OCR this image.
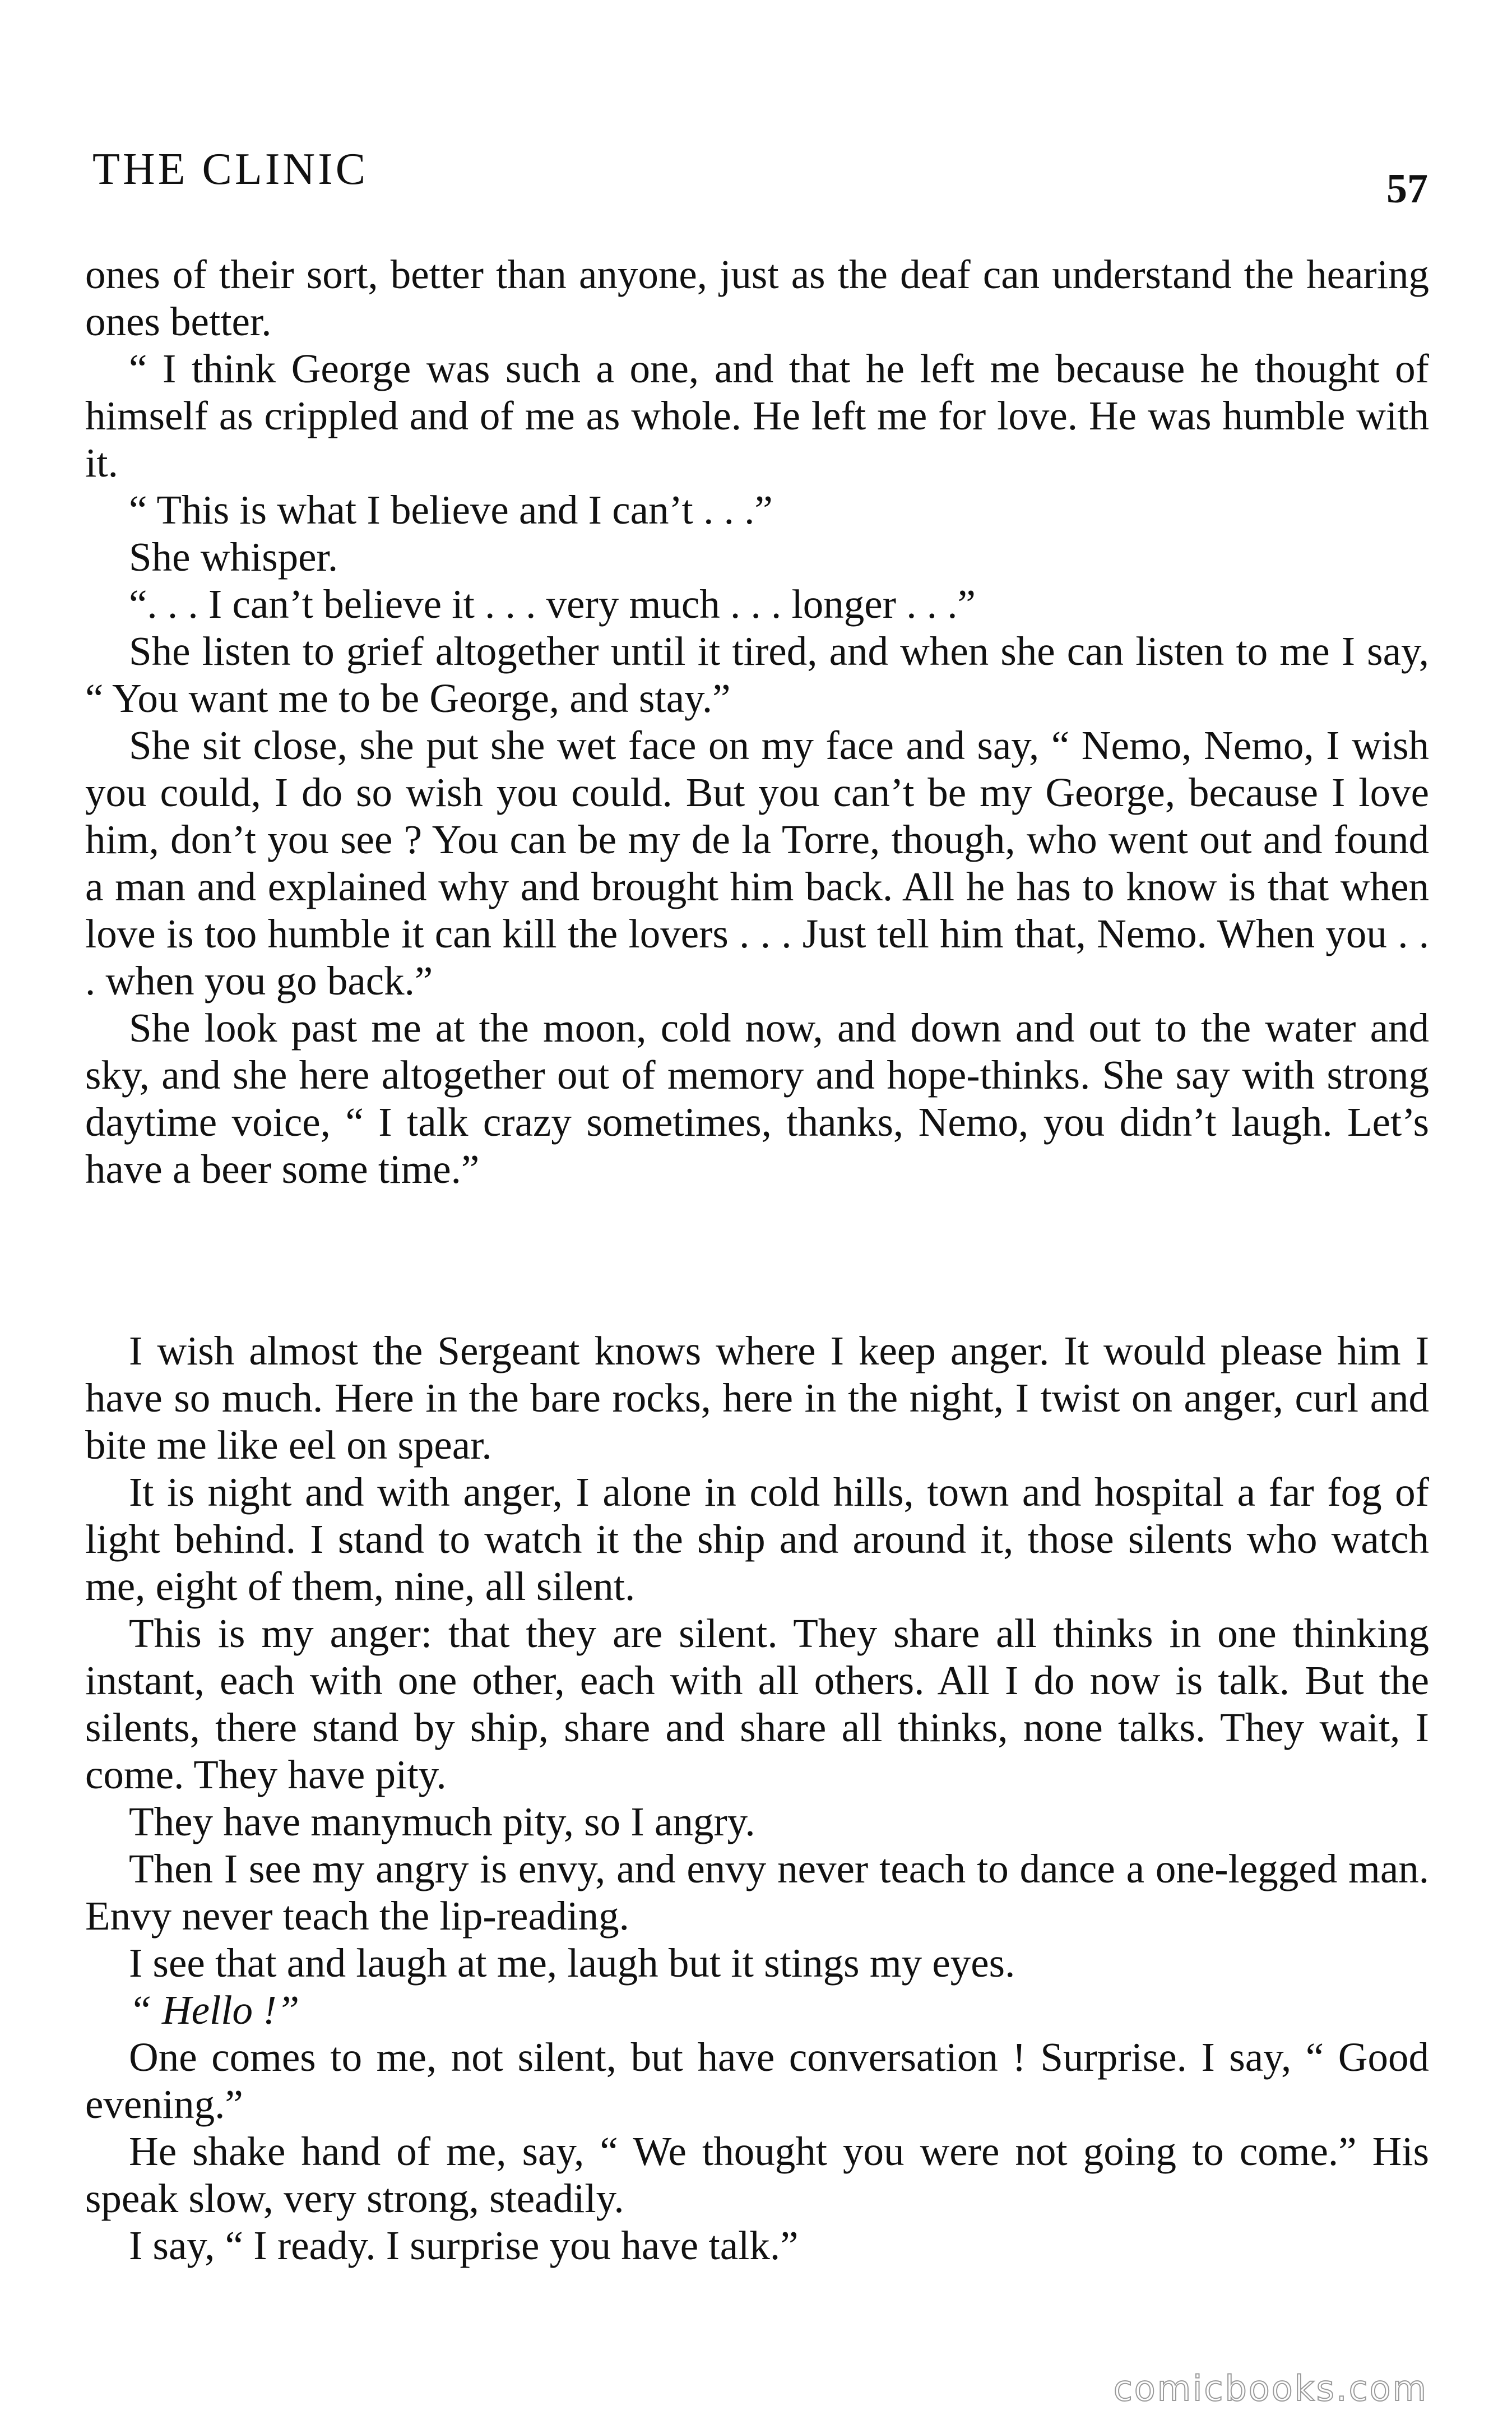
THE CLINIC	57

ones of their sort, better than anyone, just as the deaf can understand the hearing ones better.

“ I think George was such a one, and that he left me because he thought of himself as crippled and of me as whole. He left me for love. He was humble with it.

“ This is what I believe and I can’t . . .”

She whisper.

“. . . I can’t believe it . . . very much . . . longer . . .”

She listen to grief altogether until it tired, and when she can listen to me I say, “ You want me to be George, and stay.”

She sit close, she put she wet face on my face and say, “ Nemo, Nemo, I wish you could, I do so wish you could. But you can’t be my George, because I love him, don’t you see ? You can be my de la Torre, though, who went out and found a man and explained why and brought him back. All he has to know is that when love is too humble it can kill the lovers . . . Just tell him that, Nemo. When you . . . when you go back.”

She look past me at the moon, cold now, and down and out to the water and sky, and she here altogether out of memory and hope-thinks. She say with strong daytime voice, “ I talk crazy sometimes, thanks, Nemo, you didn’t laugh. Let’s have a beer some time.”

I wish almost the Sergeant knows where I keep anger. It would please him I have so much. Here in the bare rocks, here in the night, I twist on anger, curl and bite me like eel on spear.

It is night and with anger, I alone in cold hills, town and hospital a far fog of light behind. I stand to watch it the ship and around it, those silents who watch me, eight of them, nine, all silent.

This is my anger: that they are silent. They share all thinks in one thinking instant, each with one other, each with all others. All I do now is talk. But the silents, there stand by ship, share and share all thinks, none talks. They wait, I come. They have pity.

They have manymuch pity, so I angry.

Then I see my angry is envy, and envy never teach to dance a one-legged man. Envy never teach the lip-reading.

I see that and laugh at me, laugh but it stings my eyes.

“ Hello !”

One comes to me, not silent, but have conversation ! Surprise. I say, “ Good evening.”

He shake hand of me, say, “ We thought you were not going to come.” His speak slow, very strong, steadily.

I say, “ I ready. I surprise you have talk.”

comicbooks.com
